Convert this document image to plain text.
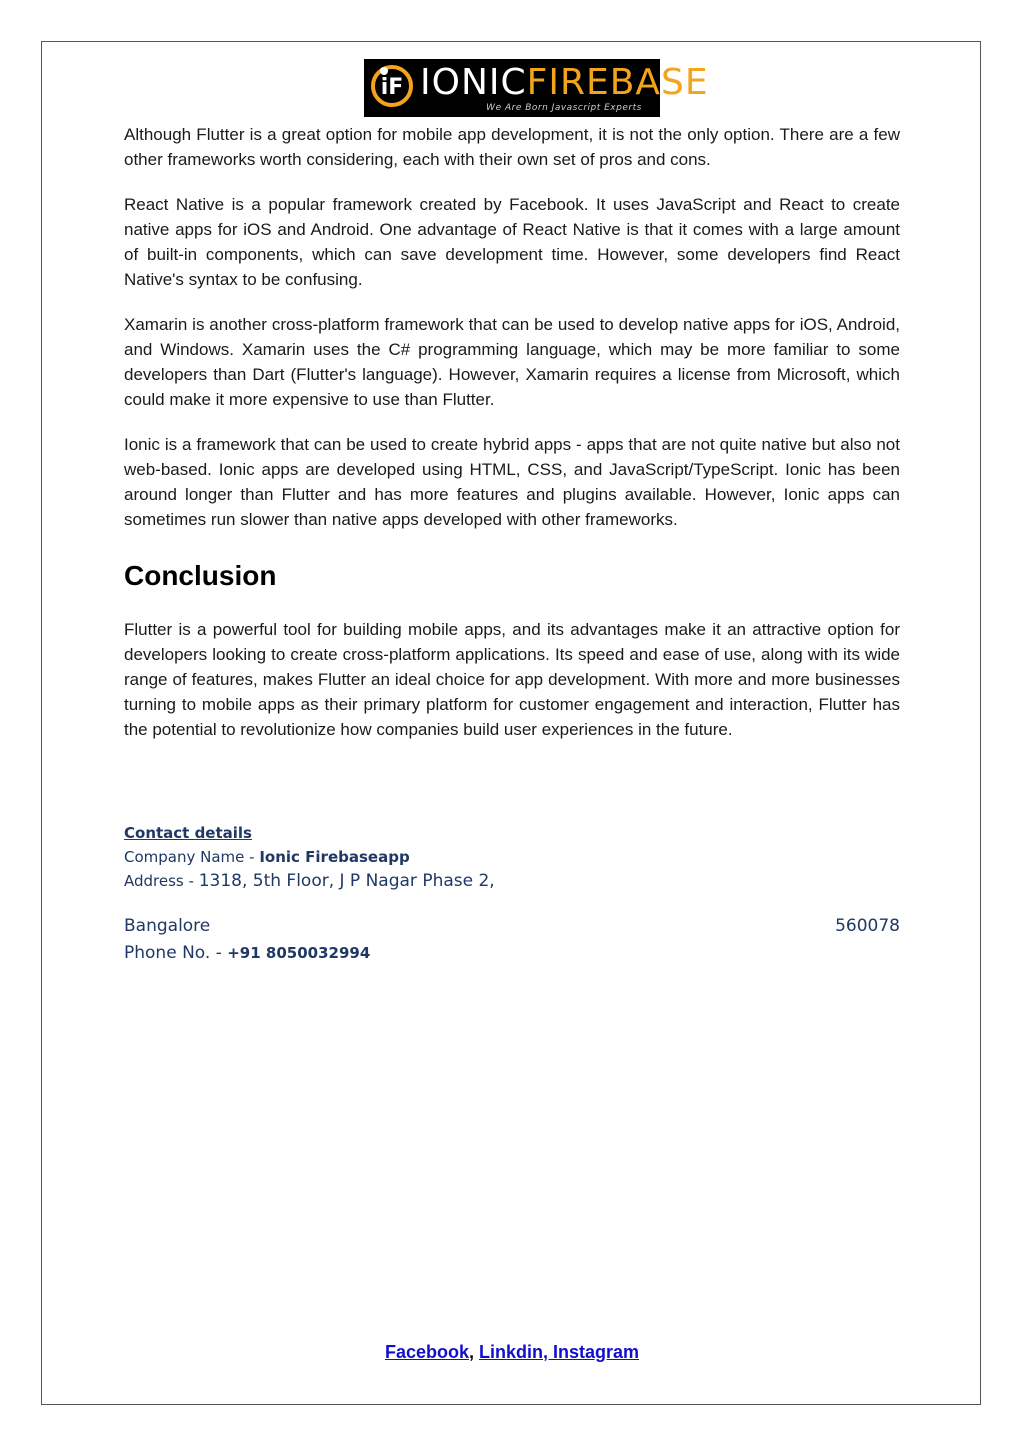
iF IONICFIREBASE
We Are Born Javascript Experts

Although Flutter is a great option for mobile app development, it is not the only option. There are a few other frameworks worth considering, each with their own set of pros and cons.

React Native is a popular framework created by Facebook. It uses JavaScript and React to create native apps for iOS and Android. One advantage of React Native is that it comes with a large amount of built-in components, which can save development time. However, some developers find React Native's syntax to be confusing.

Xamarin is another cross-platform framework that can be used to develop native apps for iOS, Android, and Windows. Xamarin uses the C# programming language, which may be more familiar to some developers than Dart (Flutter's language). However, Xamarin requires a license from Microsoft, which could make it more expensive to use than Flutter.

Ionic is a framework that can be used to create hybrid apps - apps that are not quite native but also not web-based. Ionic apps are developed using HTML, CSS, and JavaScript/TypeScript. Ionic has been around longer than Flutter and has more features and plugins available. However, Ionic apps can sometimes run slower than native apps developed with other frameworks.

Conclusion

Flutter is a powerful tool for building mobile apps, and its advantages make it an attractive option for developers looking to create cross-platform applications. Its speed and ease of use, along with its wide range of features, makes Flutter an ideal choice for app development. With more and more businesses turning to mobile apps as their primary platform for customer engagement and interaction, Flutter has the potential to revolutionize how companies build user experiences in the future.

Contact details
Company Name - Ionic Firebaseapp
Address - 1318, 5th Floor, J P Nagar Phase 2,
Bangalore	560078
Phone No. - +91 8050032994
Facebook, Linkdin, Instagram
